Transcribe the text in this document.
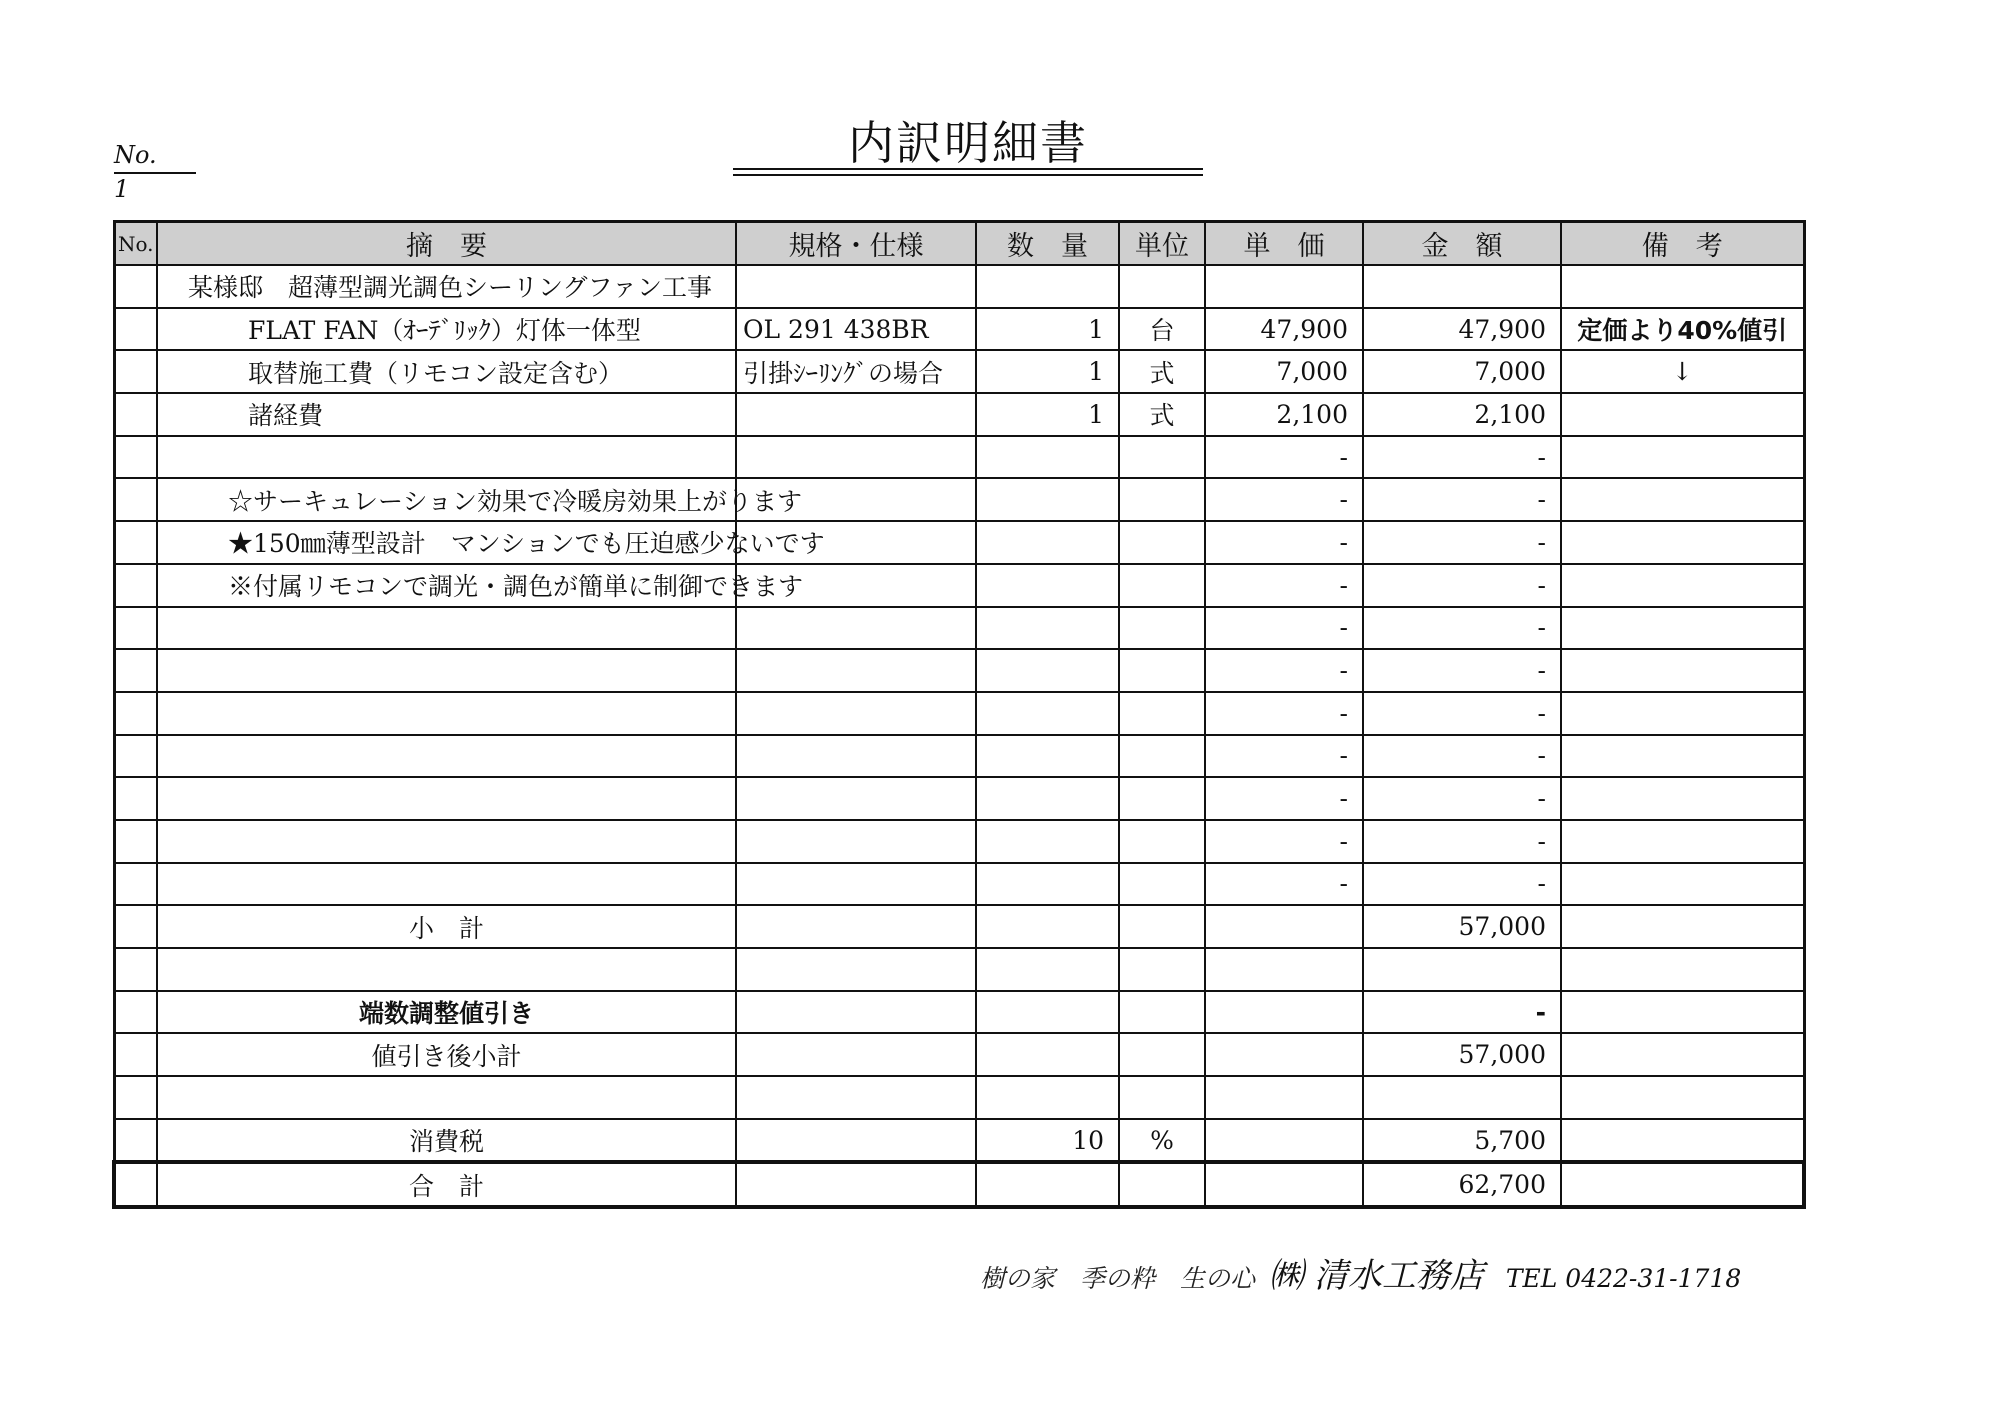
No.1
内訳明細書
No.	摘　要	規格・仕様	数　量	単位	単　価	金　額	備　考
	某様邸　超薄型調光調色シーリングファン工事						
	FLAT FAN（ｵｰﾃﾞﾘｯｸ）灯体一体型	OL 291 438BR	1	台	47,900	47,900	定価より40%値引
	取替施工費（リモコン設定含む）	引掛ｼｰﾘﾝｸﾞの場合	1	式	7,000	7,000	↓
	諸経費		1	式	2,100	2,100	
					-	-	
	☆サーキュレーション効果で冷暖房効果上がります				-	-	
	★150㎜薄型設計　マンションでも圧迫感少ないです				-	-	
	※付属リモコンで調光・調色が簡単に制御できます				-	-	
					-	-	
					-	-	
					-	-	
					-	-	
					-	-	
					-	-	
					-	-	
	小　計					57,000	

	端数調整値引き					-	
	値引き後小計					57,000	

	消費税		10	%		5,700	
	合　計					62,700	
樹の家　季の粋　生の心 ㈱ 清水工務店 TEL 0422-31-1718
